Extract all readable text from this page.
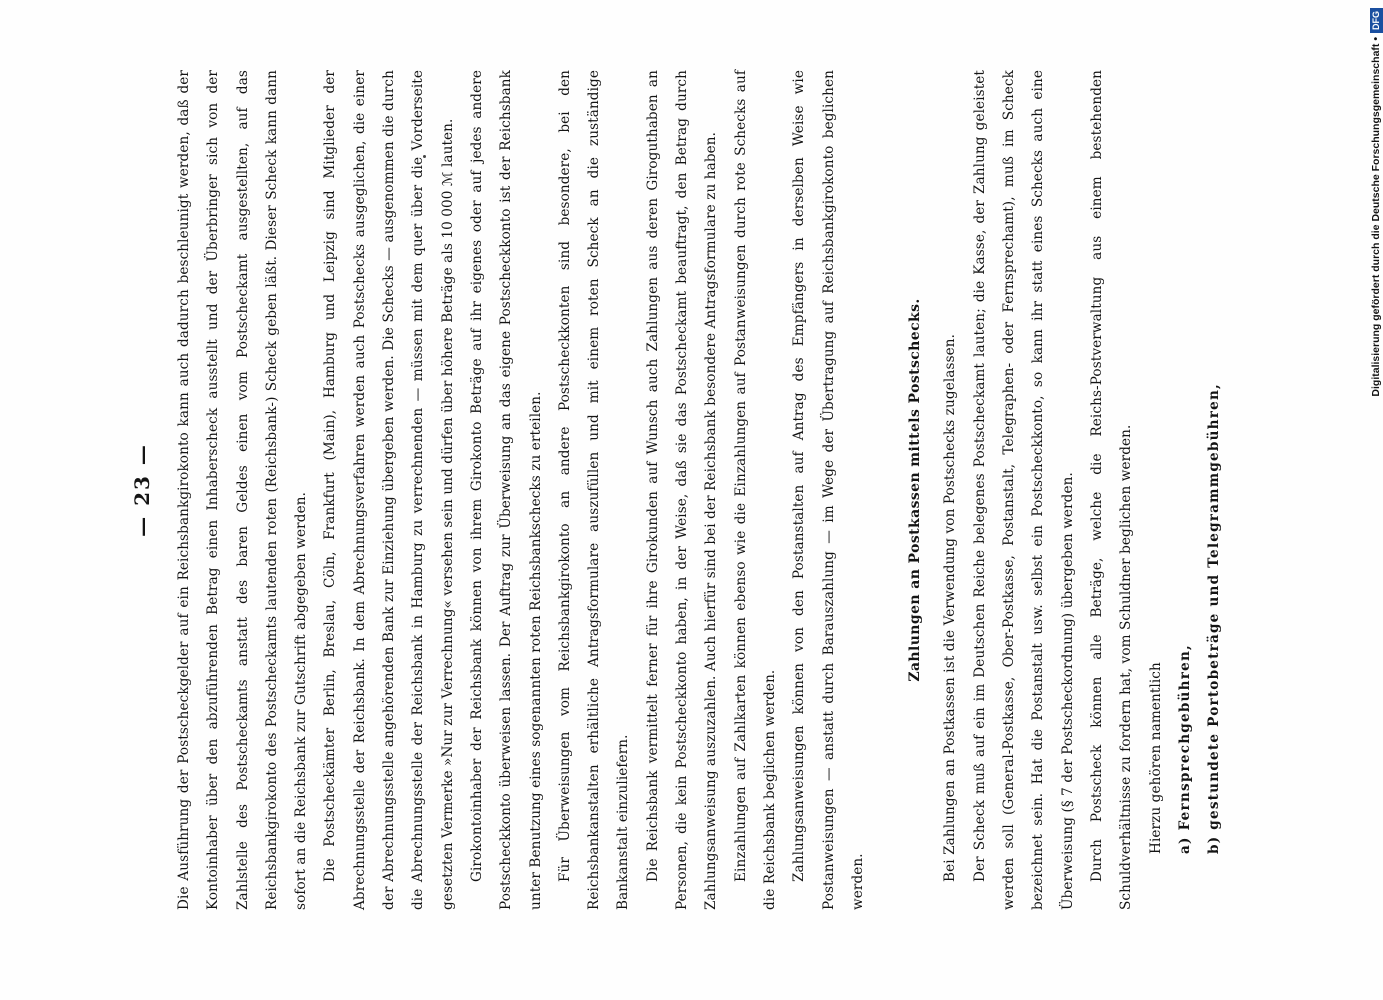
— 23 —	Die Ausführung der Postscheckgelder auf ein Reichsbankgirokonto kann auch dadurch beschleunigt werden, daß der Kontoinhaber über den abzuführenden Betrag einen Inhaberscheck ausstellt und der Überbringer sich von der Zahlstelle des Postscheckamts anstatt des baren Geldes einen vom Postscheckamt ausgestellten, auf das Reichsbankgirokonto des Postscheckamts lautenden roten (Reichsbank-) Scheck geben läßt. Dieser Scheck kann dann sofort an die Reichsbank zur Gutschrift abgegeben werden. Die Postscheckämter Berlin, Breslau, Cöln, Frankfurt (Main), Hamburg und Leipzig sind Mitglieder der Abrechnungsstelle der Reichsbank. In dem Abrechnungsverfahren werden auch Postschecks ausgeglichen, die einer der Abrechnungsstelle angehörenden Bank zur Einziehung übergeben werden. Die Schecks — ausgenommen die durch die Abrechnungsstelle der Reichsbank in Hamburg zu verrechnenden — müssen mit dem quer über die Vorderseite gesetzten Vermerke »Nur zur Verrechnung« versehen sein und dürfen über höhere Beträge als 10 000 ℳ lauten. Girokontoinhaber der Reichsbank können von ihrem Girokonto Beträge auf ihr eigenes oder auf jedes andere Postscheckkonto überweisen lassen. Der Auftrag zur Überweisung an das eigene Postscheckkonto ist der Reichsbank unter Benutzung eines sogenannten roten Reichsbankschecks zu erteilen. Für Überweisungen vom Reichsbankgirokonto an andere Postscheckkonten sind besondere, bei den Reichsbankanstalten erhältliche Antragsformulare auszufüllen und mit einem roten Scheck an die zuständige Bankanstalt einzuliefern. Die Reichsbank vermittelt ferner für ihre Girokunden auf Wunsch auch Zahlungen aus deren Giroguthaben an Personen, die kein Postscheckkonto haben, in der Weise, daß sie das Postscheckamt beauftragt, den Betrag durch Zahlungsanweisung auszuzahlen. Auch hierfür sind bei der Reichsbank besondere Antragsformulare zu haben. Einzahlungen auf Zahlkarten können ebenso wie die Einzahlungen auf Postanweisungen durch rote Schecks auf die Reichsbank beglichen werden. Zahlungsanweisungen können von den Postanstalten auf Antrag des Empfängers in derselben Weise wie Postanweisungen — anstatt durch Barauszahlung — im Wege der Übertragung auf Reichsbankgirokonto beglichen werden.

Zahlungen an Postkassen mittels Postschecks.	Bei Zahlungen an Postkassen ist die Verwendung von Postschecks zugelassen. Der Scheck muß auf ein im Deutschen Reiche belegenes Postscheckamt lauten; die Kasse, der Zahlung geleistet werden soll (General-Postkasse, Ober-Postkasse, Postanstalt, Telegraphen- oder Fernsprechamt), muß im Scheck bezeichnet sein. Hat die Postanstalt usw. selbst ein Postscheckkonto, so kann ihr statt eines Schecks auch eine Überweisung (§ 7 der Postscheckordnung) übergeben werden. Durch Postscheck können alle Beträge, welche die Reichs-Postverwaltung aus einem bestehenden Schuldverhältnisse zu fordern hat, vom Schuldner beglichen werden. Hierzu gehören namentlich a) Fernsprechgebühren, b) gestundete Portobeträge und Telegrammgebühren,

Digitalisierung gefördert durch die Deutsche Forschungsgemeinschaft •DFG
